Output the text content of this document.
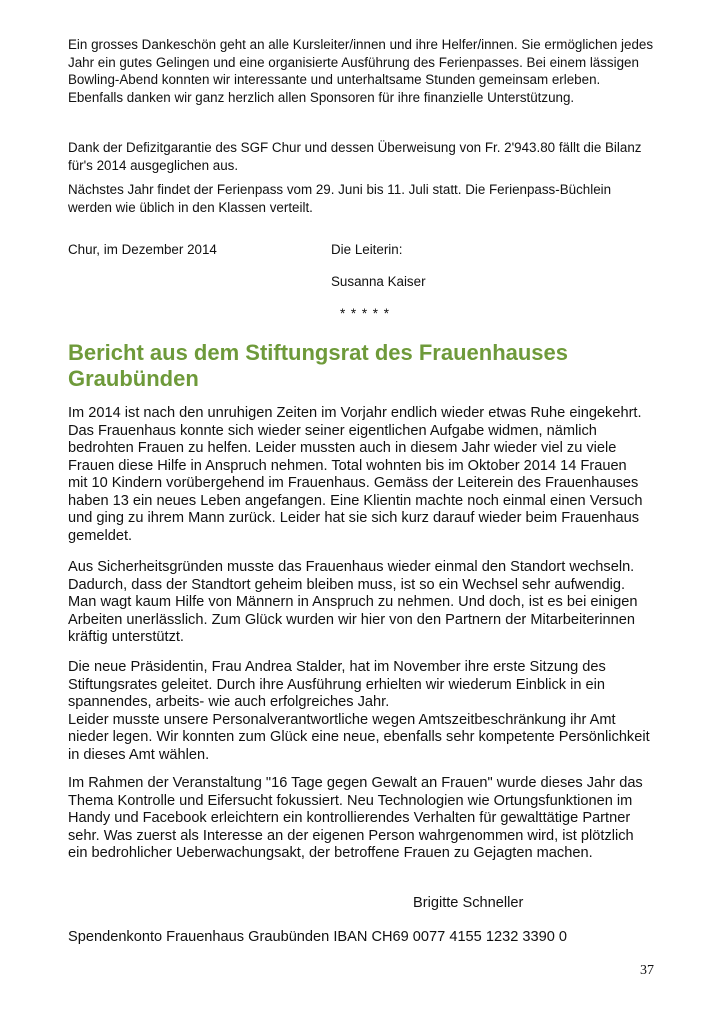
Ein grosses Dankeschön geht an alle Kursleiter/innen und ihre Helfer/innen. Sie ermöglichen jedes
Jahr ein gutes Gelingen und eine organisierte Ausführung des Ferienpasses. Bei einem lässigen
Bowling-Abend konnten wir interessante und unterhaltsame Stunden gemeinsam erleben.
Ebenfalls danken wir ganz herzlich allen Sponsoren für ihre finanzielle Unterstützung.

Dank der Defizitgarantie des SGF Chur und dessen Überweisung von Fr. 2'943.80 fällt die Bilanz
für's 2014 ausgeglichen aus.

Nächstes Jahr findet der Ferienpass vom 29. Juni bis 11. Juli statt. Die Ferienpass-Büchlein
werden wie üblich in den Klassen verteilt.

Chur, im Dezember 2014	Die Leiterin:

Susanna Kaiser

* * * * *

Bericht aus dem Stiftungsrat des Frauenhauses
Graubünden

Im 2014 ist nach den unruhigen Zeiten im Vorjahr endlich wieder etwas Ruhe eingekehrt.
Das Frauenhaus konnte sich wieder seiner eigentlichen Aufgabe widmen, nämlich
bedrohten Frauen zu helfen. Leider mussten auch in diesem Jahr wieder viel zu viele
Frauen diese Hilfe in Anspruch nehmen. Total wohnten bis im Oktober 2014 14 Frauen
mit 10 Kindern vorübergehend im Frauenhaus. Gemäss der Leiterein des Frauenhauses
haben 13 ein neues Leben angefangen. Eine Klientin machte noch einmal einen Versuch
und ging zu ihrem Mann zurück. Leider hat sie sich kurz darauf wieder beim Frauenhaus
gemeldet.

Aus Sicherheitsgründen musste das Frauenhaus wieder einmal den Standort wechseln.
Dadurch, dass der Standtort geheim bleiben muss, ist so ein Wechsel sehr aufwendig.
Man wagt kaum Hilfe von Männern in Anspruch zu nehmen. Und doch, ist es bei einigen
Arbeiten unerlässlich. Zum Glück wurden wir hier von den Partnern der Mitarbeiterinnen
kräftig unterstützt.

Die neue Präsidentin, Frau Andrea Stalder, hat im November ihre erste Sitzung des
Stiftungsrates geleitet. Durch ihre Ausführung erhielten wir wiederum Einblick in ein
spannendes, arbeits- wie auch erfolgreiches Jahr.
Leider musste unsere Personalverantwortliche wegen Amtszeitbeschränkung ihr Amt
nieder legen. Wir konnten zum Glück eine neue, ebenfalls sehr kompetente Persönlichkeit
in dieses Amt wählen.

Im Rahmen der Veranstaltung "16 Tage gegen Gewalt an Frauen" wurde dieses Jahr das
Thema Kontrolle und Eifersucht fokussiert. Neu Technologien wie Ortungsfunktionen im
Handy und Facebook erleichtern ein kontrollierendes Verhalten für gewalttätige Partner
sehr. Was zuerst als Interesse an der eigenen Person wahrgenommen wird, ist plötzlich
ein bedrohlicher Ueberwachungsakt, der betroffene Frauen zu Gejagten machen.

Brigitte Schneller

Spendenkonto Frauenhaus Graubünden IBAN CH69 0077 4155 1232 3390 0

37
